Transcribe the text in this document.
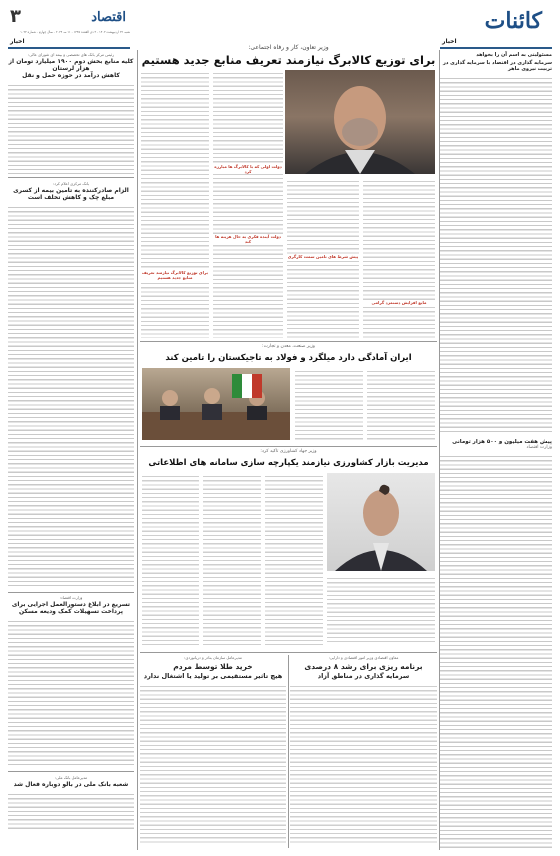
کائنات
اخبار
۳	اقتصاد
شنبه ۲۲ اردیبهشت ۱۴۰۳ - ۳ ذی القعده ۱۴۴۵ - ۱۱ مه ۲۰۲۴ - سال چهارم - شماره ۱۰۹۴
اخبار
مسئولیتی به اسم آن را بخواهد
سرمایه گذاری در اقتصاد با سرمایه گذاری در تربیت نیروی ماهر
پیش هفت میلیون و ۵۰۰ هزار تومانی
وزارت اقتصاد
وزیر تعاون، کار و رفاه اجتماعی:
برای توزیع کالابرگ نیازمند تعریف منابع جدید هستیم
دولت اولی که با کالابرگ ها مبارزه کرد
دولت آینده فکری به حال هزینه ها کند
پیش شرط های تامین سمت کارگری
مایع افزایش دستمزد گرامی
برای توزیع کالابرگ نیازمند تعریف منابع جدید هستیم
وزیر صنعت، معدن و تجارت:
ایران آمادگی دارد میلگرد و فولاد به تاجیکستان را تامین کند
وزیر جهاد کشاورزی تاکید کرد:
مدیریت بازار کشاورزی نیازمند یکپارچه سازی سامانه های اطلاعاتی
معاون اقتصادی وزیر امور اقتصادی و دارایی:
برنامه ریزی برای رشد ۸ درصدی
سرمایه گذاری در مناطق آزاد
مدیرعامل سازمان بنادر و دریانوردی:
خرید طلا توسط مردم
هیچ تاثیر مستقیمی بر تولید یا اشتغال ندارد
رئیس مرکز بانک های تخصصی و بیمه ای شورای عالی:
کلیه منابع بخش دوم ۱۹۰۰ میلیارد تومان از هزار لرستان
کاهش درآمد در حوزه حمل و نقل
بانک مرکزی اعلام کرد:
الزام صادرکننده به تامین بیمه از کسری مبلغ چک و کاهش تخلف است
وزارت اقتصاد:
تسریع در ابلاغ دستورالعمل اجرایی برای پرداخت تسهیلات کمک ودیعه مسکن
مدیرعامل بانک ملی:
شعبه بانک ملی در بالو دوباره فعال شد
